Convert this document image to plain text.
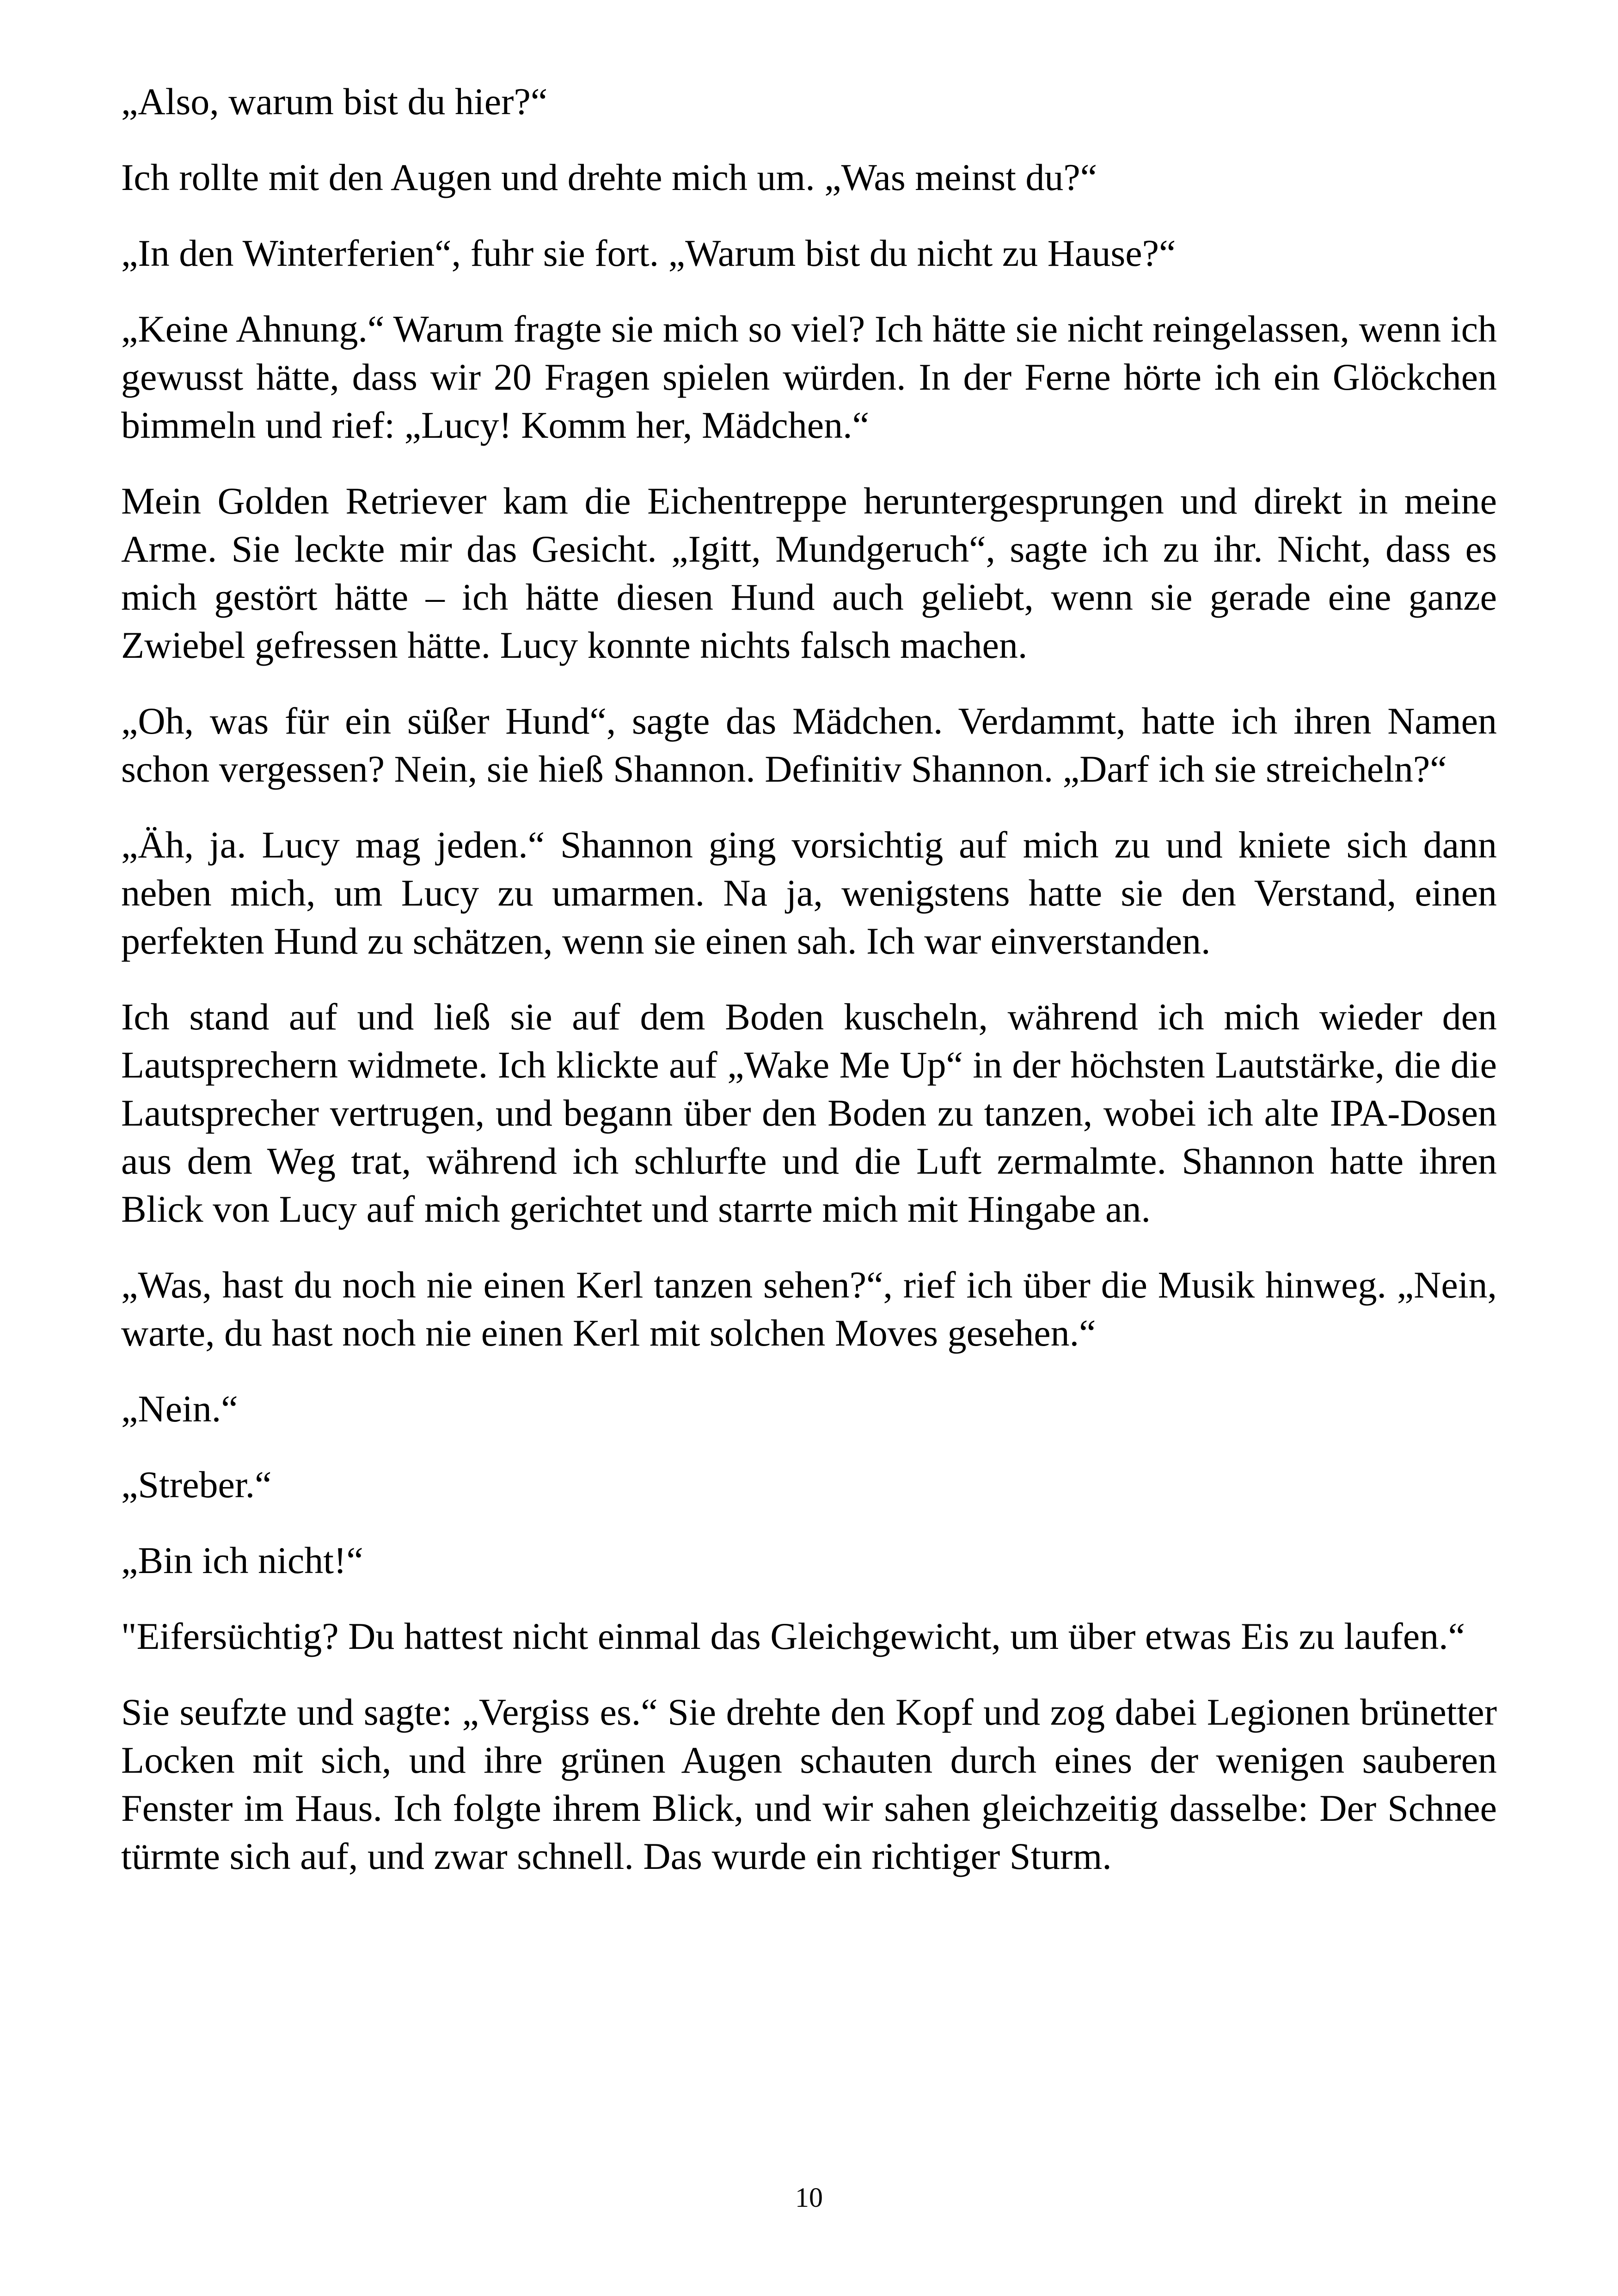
„Also, warum bist du hier?“

Ich rollte mit den Augen und drehte mich um. „Was meinst du?“

„In den Winterferien“, fuhr sie fort. „Warum bist du nicht zu Hause?“

„Keine Ahnung.“ Warum fragte sie mich so viel? Ich hätte sie nicht reingelassen, wenn ich gewusst hätte, dass wir 20 Fragen spielen würden. In der Ferne hörte ich ein Glöckchen bimmeln und rief: „Lucy! Komm her, Mädchen.“

Mein Golden Retriever kam die Eichentreppe heruntergesprungen und direkt in meine Arme. Sie leckte mir das Gesicht. „Igitt, Mundgeruch“, sagte ich zu ihr. Nicht, dass es mich gestört hätte – ich hätte diesen Hund auch geliebt, wenn sie gerade eine ganze Zwiebel gefressen hätte. Lucy konnte nichts falsch machen.

„Oh, was für ein süßer Hund“, sagte das Mädchen. Verdammt, hatte ich ihren Namen schon vergessen? Nein, sie hieß Shannon. Definitiv Shannon. „Darf ich sie streicheln?“

„Äh, ja. Lucy mag jeden.“ Shannon ging vorsichtig auf mich zu und kniete sich dann neben mich, um Lucy zu umarmen. Na ja, wenigstens hatte sie den Verstand, einen perfekten Hund zu schätzen, wenn sie einen sah. Ich war einverstanden.

Ich stand auf und ließ sie auf dem Boden kuscheln, während ich mich wieder den Lautsprechern widmete. Ich klickte auf „Wake Me Up“ in der höchsten Lautstärke, die die Lautsprecher vertrugen, und begann über den Boden zu tanzen, wobei ich alte IPA-Dosen aus dem Weg trat, während ich schlurfte und die Luft zermalmte. Shannon hatte ihren Blick von Lucy auf mich gerichtet und starrte mich mit Hingabe an.

„Was, hast du noch nie einen Kerl tanzen sehen?“, rief ich über die Musik hinweg. „Nein, warte, du hast noch nie einen Kerl mit solchen Moves gesehen.“

„Nein.“

„Streber.“

„Bin ich nicht!“

"Eifersüchtig? Du hattest nicht einmal das Gleichgewicht, um über etwas Eis zu laufen.“

Sie seufzte und sagte: „Vergiss es.“ Sie drehte den Kopf und zog dabei Legionen brünetter Locken mit sich, und ihre grünen Augen schauten durch eines der wenigen sauberen Fenster im Haus. Ich folgte ihrem Blick, und wir sahen gleichzeitig dasselbe: Der Schnee türmte sich auf, und zwar schnell. Das wurde ein richtiger Sturm.

10
